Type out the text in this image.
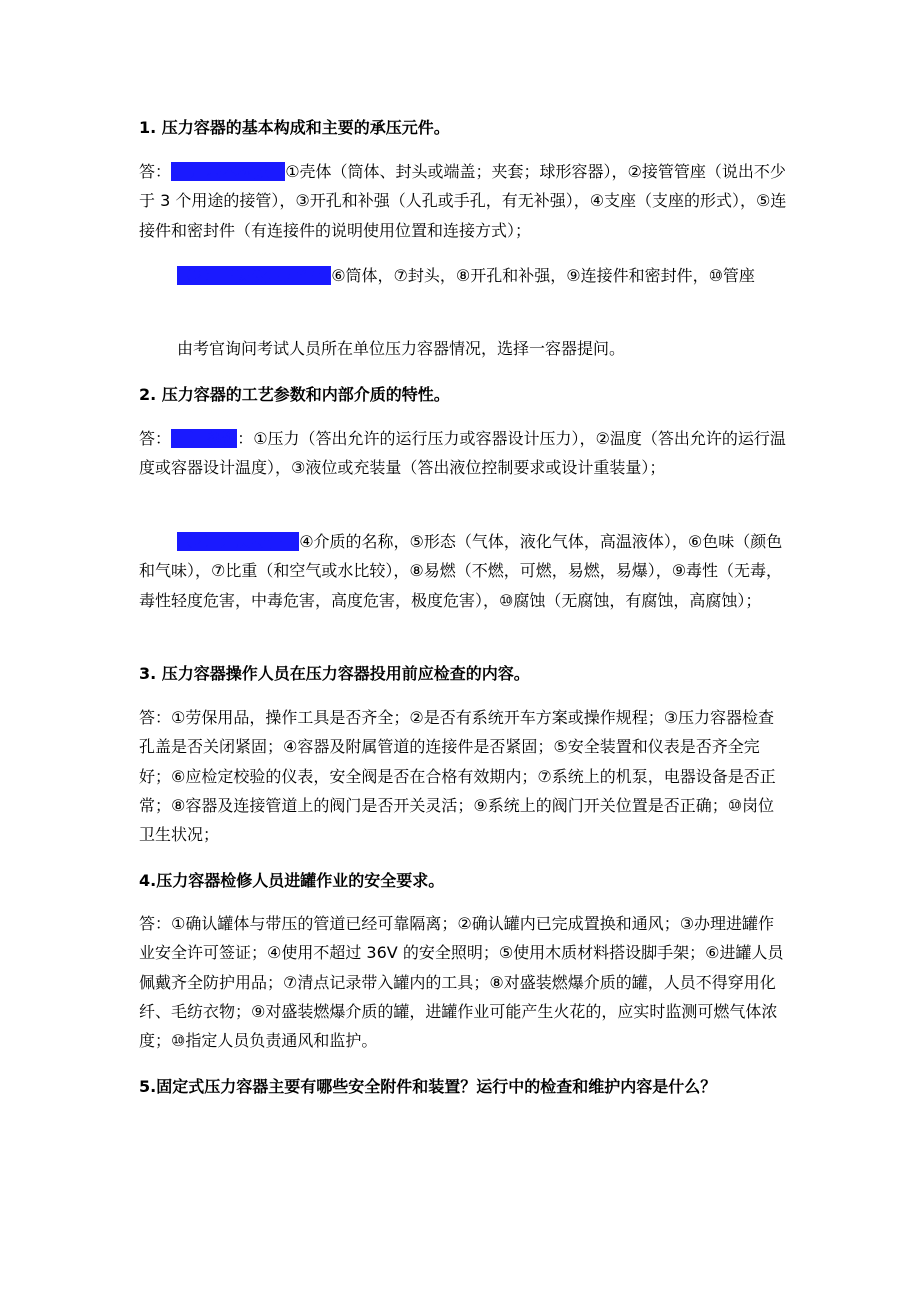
1. 压力容器的基本构成和主要的承压元件。
答：（1）基本构成：①壳体（筒体、封头或端盖；夹套；球形容器），②接管管座（说出不少于 3 个用途的接管），③开孔和补强（人孔或手孔，有无补强），④支座（支座的形式），⑤连接件和密封件（有连接件的说明使用位置和连接方式）；
（2）主要受压元件：⑥筒体，⑦封头，⑧开孔和补强，⑨连接件和密封件，⑩管座
由考官询问考试人员所在单位压力容器情况，选择一容器提问。
2. 压力容器的工艺参数和内部介质的特性。
答：（1）参数：①压力（答出允许的运行压力或容器设计压力），②温度（答出允许的运行温度或容器设计温度），③液位或充装量（答出液位控制要求或设计重装量）；
（2）介质特性：④介质的名称，⑤形态（气体，液化气体，高温液体），⑥色味（颜色和气味），⑦比重（和空气或水比较），⑧易燃（不燃，可燃，易燃，易爆），⑨毒性（无毒，毒性轻度危害，中毒危害，高度危害，极度危害），⑩腐蚀（无腐蚀，有腐蚀，高腐蚀）；
3. 压力容器操作人员在压力容器投用前应检查的内容。
答：①劳保用品，操作工具是否齐全；②是否有系统开车方案或操作规程；③压力容器检查孔盖是否关闭紧固；④容器及附属管道的连接件是否紧固；⑤安全装置和仪表是否齐全完好；⑥应检定校验的仪表，安全阀是否在合格有效期内；⑦系统上的机泵，电器设备是否正常；⑧容器及连接管道上的阀门是否开关灵活；⑨系统上的阀门开关位置是否正确；⑩岗位卫生状况；
4.压力容器检修人员进罐作业的安全要求。
答：①确认罐体与带压的管道已经可靠隔离；②确认罐内已完成置换和通风；③办理进罐作业安全许可签证；④使用不超过 36V 的安全照明；⑤使用木质材料搭设脚手架；⑥进罐人员佩戴齐全防护用品；⑦清点记录带入罐内的工具；⑧对盛装燃爆介质的罐，人员不得穿用化纤、毛纺衣物；⑨对盛装燃爆介质的罐，进罐作业可能产生火花的，应实时监测可燃气体浓度；⑩指定人员负责通风和监护。
5.固定式压力容器主要有哪些安全附件和装置？运行中的检查和维护内容是什么？
